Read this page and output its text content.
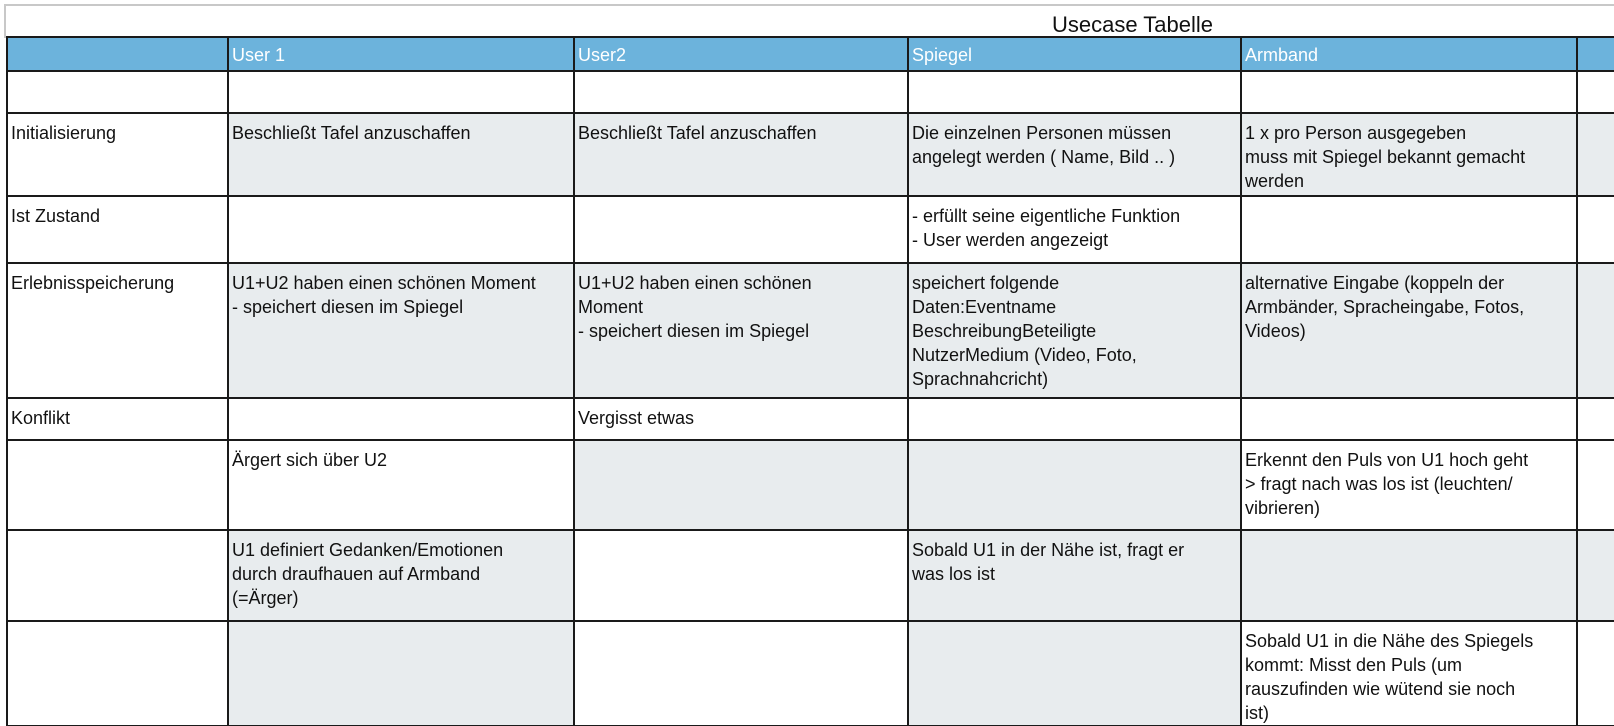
Usecase Tabelle
	User 1	User2	Spiegel	Armband	

Initialisierung	Beschließt Tafel anzuschaffen	Beschließt Tafel anzuschaffen	Die einzelnen Personen müssen
angelegt werden ( Name, Bild .. )	1 x pro Person ausgegeben
muss mit Spiegel bekannt gemacht
werden	

Ist Zustand			- erfüllt seine eigentliche Funktion
- User werden angezeigt		

Erlebnisspeicherung	U1+U2 haben einen schönen Moment
- speichert diesen im Spiegel	U1+U2 haben einen schönen
Moment
- speichert diesen im Spiegel	speichert folgende
Daten:Eventname
BeschreibungBeteiligte
NutzerMedium (Video, Foto,
Sprachnahcricht)	alternative Eingabe (koppeln der
Armbänder, Spracheingabe, Fotos,
Videos)	

Konflikt		Vergisst etwas			

	Ärgert sich über U2			Erkennt den Puls von U1 hoch geht
> fragt nach was los ist (leuchten/
vibrieren)	

	U1 definiert Gedanken/Emotionen
durch draufhauen auf Armband
(=Ärger)		Sobald U1 in der Nähe ist, fragt er
was los ist		

				Sobald U1 in die Nähe des Spiegels
kommt: Misst den Puls (um
rauszufinden wie wütend sie noch
ist)	
